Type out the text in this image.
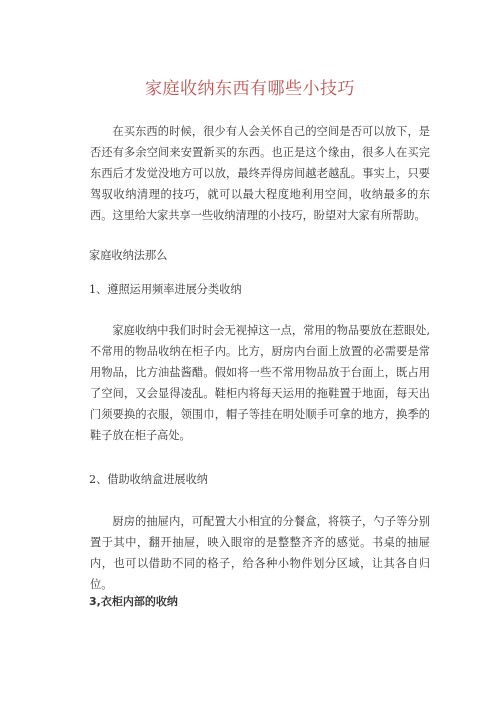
家庭收纳东西有哪些小技巧

在买东西的时候，很少有人会关怀自己的空间是否可以放下，是否还有多余空间来安置新买的东西。也正是这个缘由，很多人在买完东西后才发觉没地方可以放，最终弄得房间越老越乱。事实上，只要驾驭收纳清理的技巧，就可以最大程度地利用空间，收纳最多的东西。这里给大家共享一些收纳清理的小技巧，盼望对大家有所帮助。

家庭收纳法那么

1、遵照运用频率进展分类收纳

家庭收纳中我们时时会无视掉这一点，常用的物品要放在惹眼处,不常用的物品收纳在柜子内。比方，厨房内台面上放置的必需要是常用物品，比方油盐酱醋。假如将一些不常用物品放于台面上，既占用了空间，又会显得凌乱。鞋柜内将每天运用的拖鞋置于地面，每天出门须要换的衣服，领围巾，帽子等挂在明处顺手可拿的地方，换季的鞋子放在柜子高处。

2、借助收纳盒进展收纳

厨房的抽屉内，可配置大小相宜的分餐盒，将筷子，勺子等分别置于其中，翻开抽屉，映入眼帘的是整整齐齐的感觉。书桌的抽屉内，也可以借助不同的格子，给各种小物件划分区域，让其各自归位。

3,衣柜内部的收纳
